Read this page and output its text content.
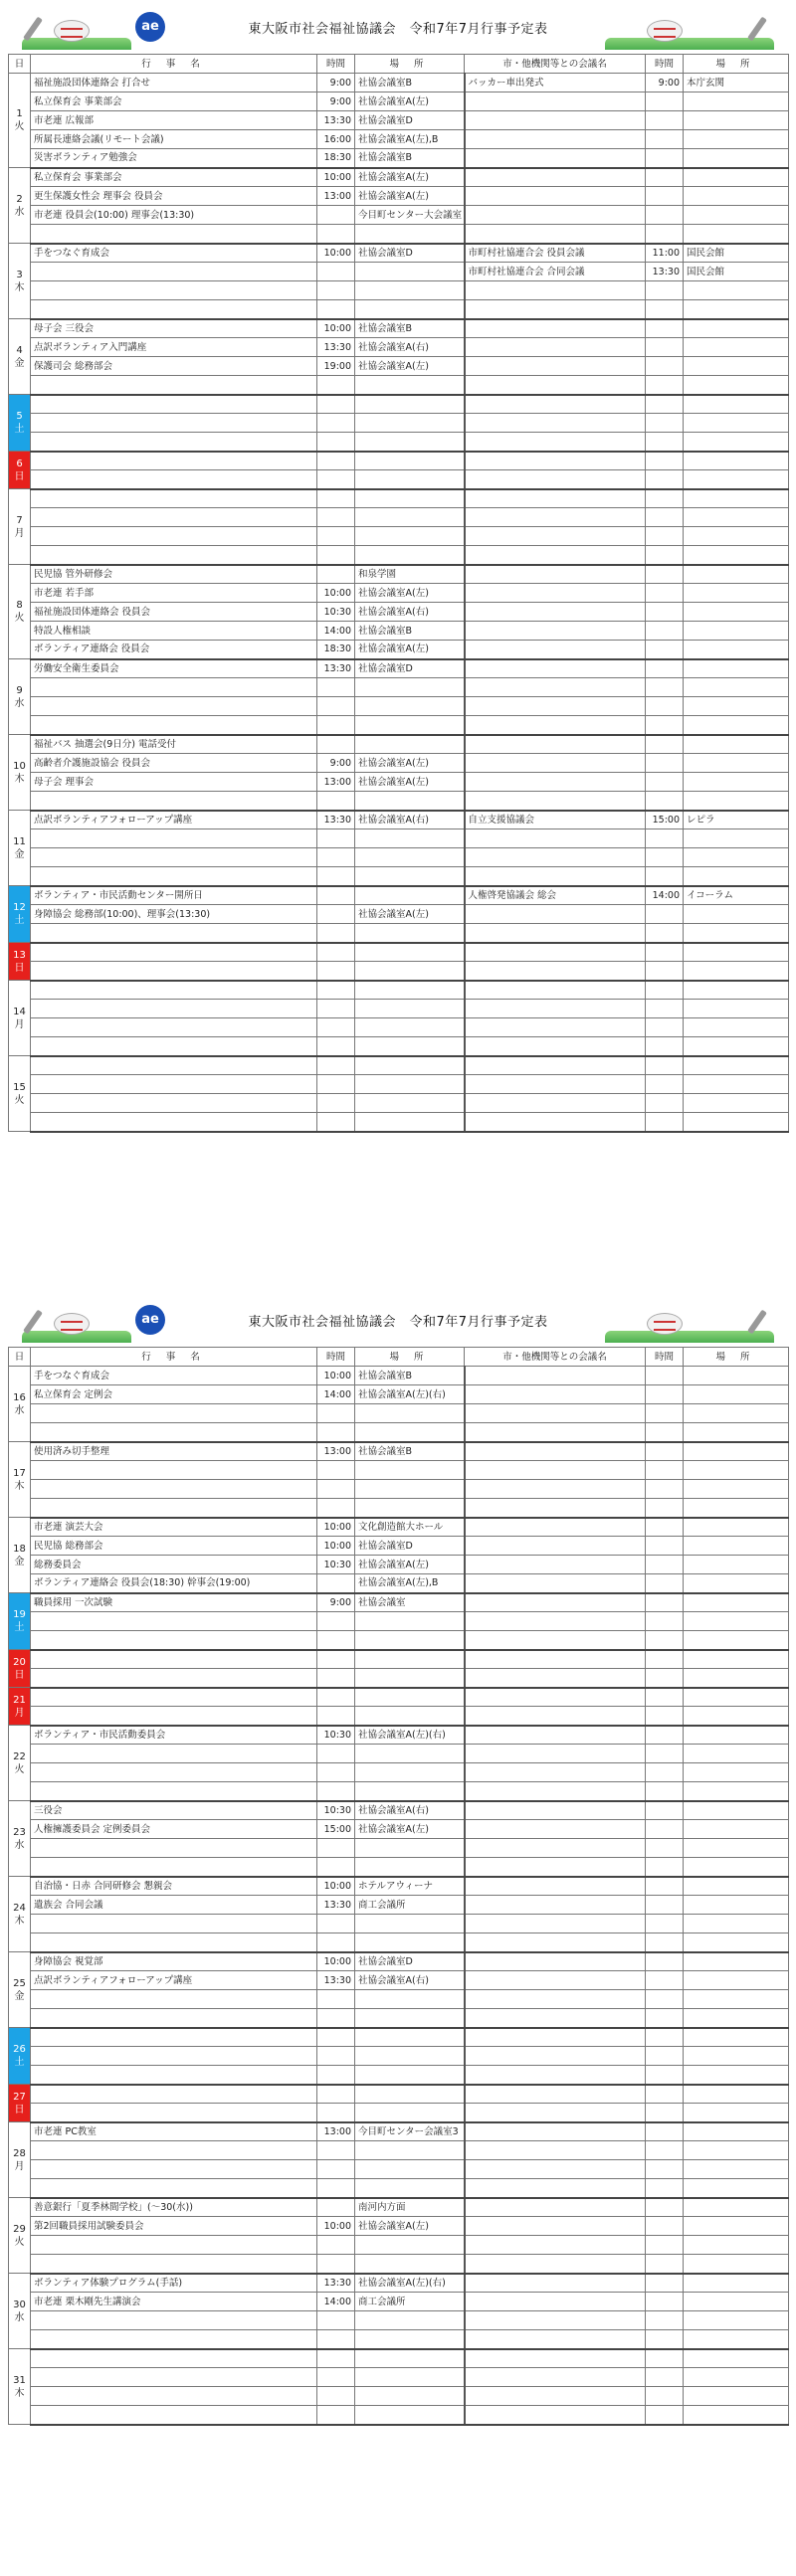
ae	東大阪市社会福祉協議会　令和7年7月行事予定表
日	行 事 名	時間	場 所	市・他機関等との会議名	時間	場 所

1
火	福祉施設団体連絡会 打合せ	9:00	社協会議室B	バッカー車出発式	9:00	本庁玄関
	私立保育会 事業部会	9:00	社協会議室A(左)			
	市老連 広報部	13:30	社協会議室D			
	所属長連絡会議(リモート会議)	16:00	社協会議室A(左),B			
	災害ボランティア勉強会	18:30	社協会議室B			

2
水	私立保育会 事業部会	10:00	社協会議室A(左)			
	更生保護女性会 理事会 役員会	13:00	社協会議室A(左)			
	市老連 役員会(10:00) 理事会(13:30)		今目町センター大会議室			

3
木	手をつなぐ育成会	10:00	社協会議室D	市町村社協連合会 役員会議	11:00	国民会館
				市町村社協連合会 合同会議	13:30	国民会館

4
金	母子会 三役会	10:00	社協会議室B			
	点訳ボランティア入門講座	13:30	社協会議室A(右)			
	保護司会 総務部会	19:00	社協会議室A(左)			

5
土						

6
日						

7
月						

8
火	民児協 管外研修会		和泉学園			
	市老連 若手部	10:00	社協会議室A(左)			
	福祉施設団体連絡会 役員会	10:30	社協会議室A(右)			
	特設人権相談	14:00	社協会議室B			
	ボランティア連絡会 役員会	18:30	社協会議室A(左)			

9
水	労働安全衛生委員会	13:30	社協会議室D			

10
木	福祉バス 抽選会(9日分) 電話受付					
	高齢者介護施設協会 役員会	9:00	社協会議室A(左)			
	母子会 理事会	13:00	社協会議室A(左)			

11
金	点訳ボランティアフォローアップ講座	13:30	社協会議室A(右)	自立支援協議会	15:00	レピラ

12
土	ボランティア・市民活動センター開所日			人権啓発協議会 総会	14:00	イコーラム
	身障協会 総務部(10:00)、理事会(13:30)		社協会議室A(左)			

13
日						

14
月						

15
火						

ae	東大阪市社会福祉協議会　令和7年7月行事予定表
日	行 事 名	時間	場 所	市・他機関等との会議名	時間	場 所

16
水	手をつなぐ育成会	10:00	社協会議室B			
	私立保育会 定例会	14:00	社協会議室A(左)(右)			

17
木	使用済み切手整理	13:00	社協会議室B			

18
金	市老連 演芸大会	10:00	文化創造館大ホール			
	民児協 総務部会	10:00	社協会議室D			
	総務委員会	10:30	社協会議室A(左)			
	ボランティア連絡会 役員会(18:30) 幹事会(19:00)		社協会議室A(左),B			

19
土	職員採用 一次試験	9:00	社協会議室			

20
日						

21
月						

22
火	ボランティア・市民活動委員会	10:30	社協会議室A(左)(右)			

23
水	三役会	10:30	社協会議室A(右)			
	人権擁護委員会 定例委員会	15:00	社協会議室A(左)			

24
木	自治協・日赤 合同研修会 懇親会	10:00	ホテルアウィーナ			
	遺族会 合同会議	13:30	商工会議所			

25
金	身障協会 視覚部	10:00	社協会議室D			
	点訳ボランティアフォローアップ講座	13:30	社協会議室A(右)			

26
土						

27
日						

28
月	市老連 PC教室	13:00	今目町センター会議室3			

29
火	善意銀行「夏季林間学校」(～30(水))		南河内方面			
	第2回職員採用試験委員会	10:00	社協会議室A(左)			

30
水	ボランティア体験プログラム(手話)	13:30	社協会議室A(左)(右)			
	市老連 栗木剛先生講演会	14:00	商工会議所			

31
木						
